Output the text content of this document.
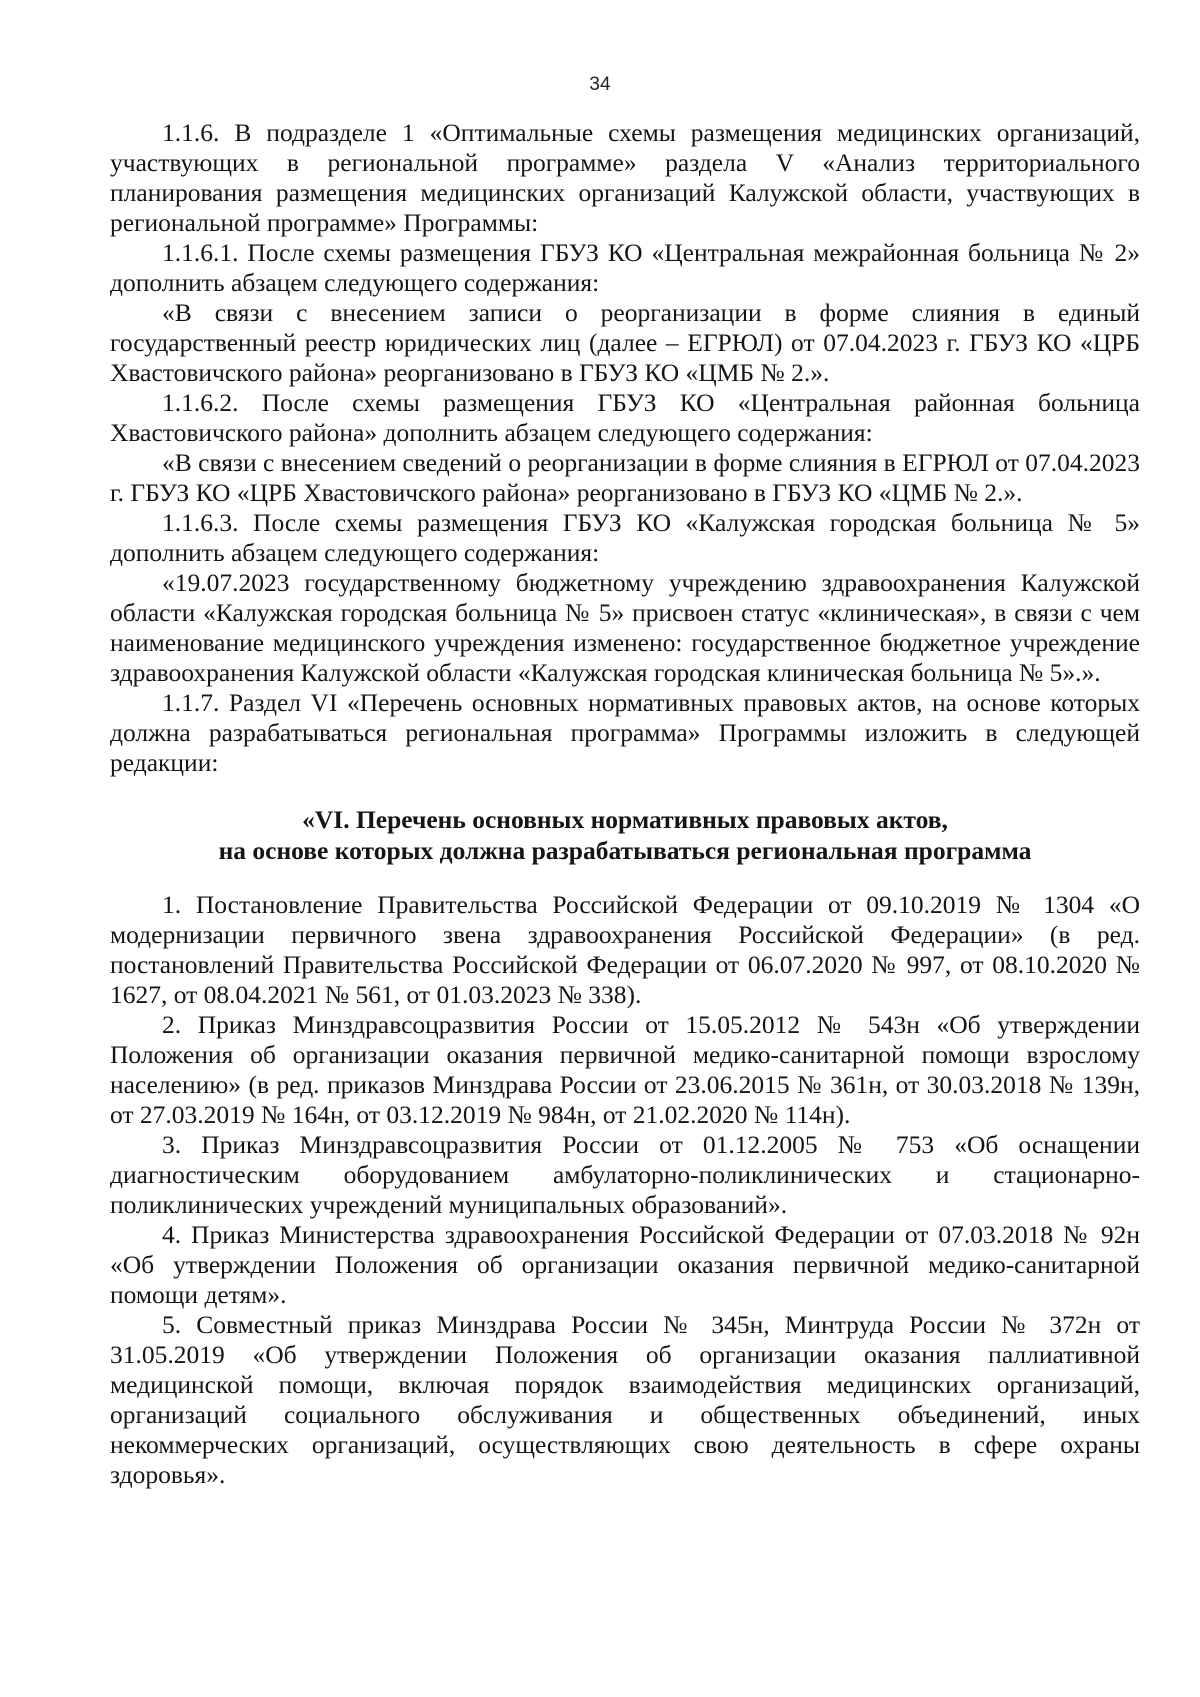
34

1.1.6. В подразделе 1 «Оптимальные схемы размещения медицинских организаций, участвующих в региональной программе» раздела V «Анализ территориального планирования размещения медицинских организаций Калужской области, участвующих в региональной программе» Программы:

1.1.6.1. После схемы размещения ГБУЗ КО «Центральная межрайонная больница № 2» дополнить абзацем следующего содержания:

«В связи с внесением записи о реорганизации в форме слияния в единый государственный реестр юридических лиц (далее – ЕГРЮЛ) от 07.04.2023 г. ГБУЗ КО «ЦРБ Хвастовичского района» реорганизовано в ГБУЗ КО «ЦМБ № 2.».

1.1.6.2. После схемы размещения ГБУЗ КО «Центральная районная больница Хвастовичского района» дополнить абзацем следующего содержания:

«В связи с внесением сведений о реорганизации в форме слияния в ЕГРЮЛ от 07.04.2023 г. ГБУЗ КО «ЦРБ Хвастовичского района» реорганизовано в ГБУЗ КО «ЦМБ № 2.».

1.1.6.3. После схемы размещения ГБУЗ КО «Калужская городская больница № 5» дополнить абзацем следующего содержания:

«19.07.2023 государственному бюджетному учреждению здравоохранения Калужской области «Калужская городская больница № 5» присвоен статус «клиническая», в связи с чем наименование медицинского учреждения изменено: государственное бюджетное учреждение здравоохранения Калужской области «Калужская городская клиническая больница № 5».».

1.1.7. Раздел VI «Перечень основных нормативных правовых актов, на основе которых должна разрабатываться региональная программа» Программы изложить в следующей редакции:

«VI. Перечень основных нормативных правовых актов,
на основе которых должна разрабатываться региональная программа

1. Постановление Правительства Российской Федерации от 09.10.2019 № 1304 «О модернизации первичного звена здравоохранения Российской Федерации» (в ред. постановлений Правительства Российской Федерации от 06.07.2020 № 997, от 08.10.2020 № 1627, от 08.04.2021 № 561, от 01.03.2023 № 338).

2. Приказ Минздравсоцразвития России от 15.05.2012 № 543н «Об утверждении Положения об организации оказания первичной медико-санитарной помощи взрослому населению» (в ред. приказов Минздрава России от 23.06.2015 № 361н, от 30.03.2018 № 139н, от 27.03.2019 № 164н, от 03.12.2019 № 984н, от 21.02.2020 № 114н).

3. Приказ Минздравсоцразвития России от 01.12.2005 № 753 «Об оснащении диагностическим оборудованием амбулаторно-поликлинических и стационарно-поликлинических учреждений муниципальных образований».

4. Приказ Министерства здравоохранения Российской Федерации от 07.03.2018 № 92н «Об утверждении Положения об организации оказания первичной медико-санитарной помощи детям».

5. Совместный приказ Минздрава России № 345н, Минтруда России № 372н от 31.05.2019 «Об утверждении Положения об организации оказания паллиативной медицинской помощи, включая порядок взаимодействия медицинских организаций, организаций социального обслуживания и общественных объединений, иных некоммерческих организаций, осуществляющих свою деятельность в сфере охраны здоровья».
